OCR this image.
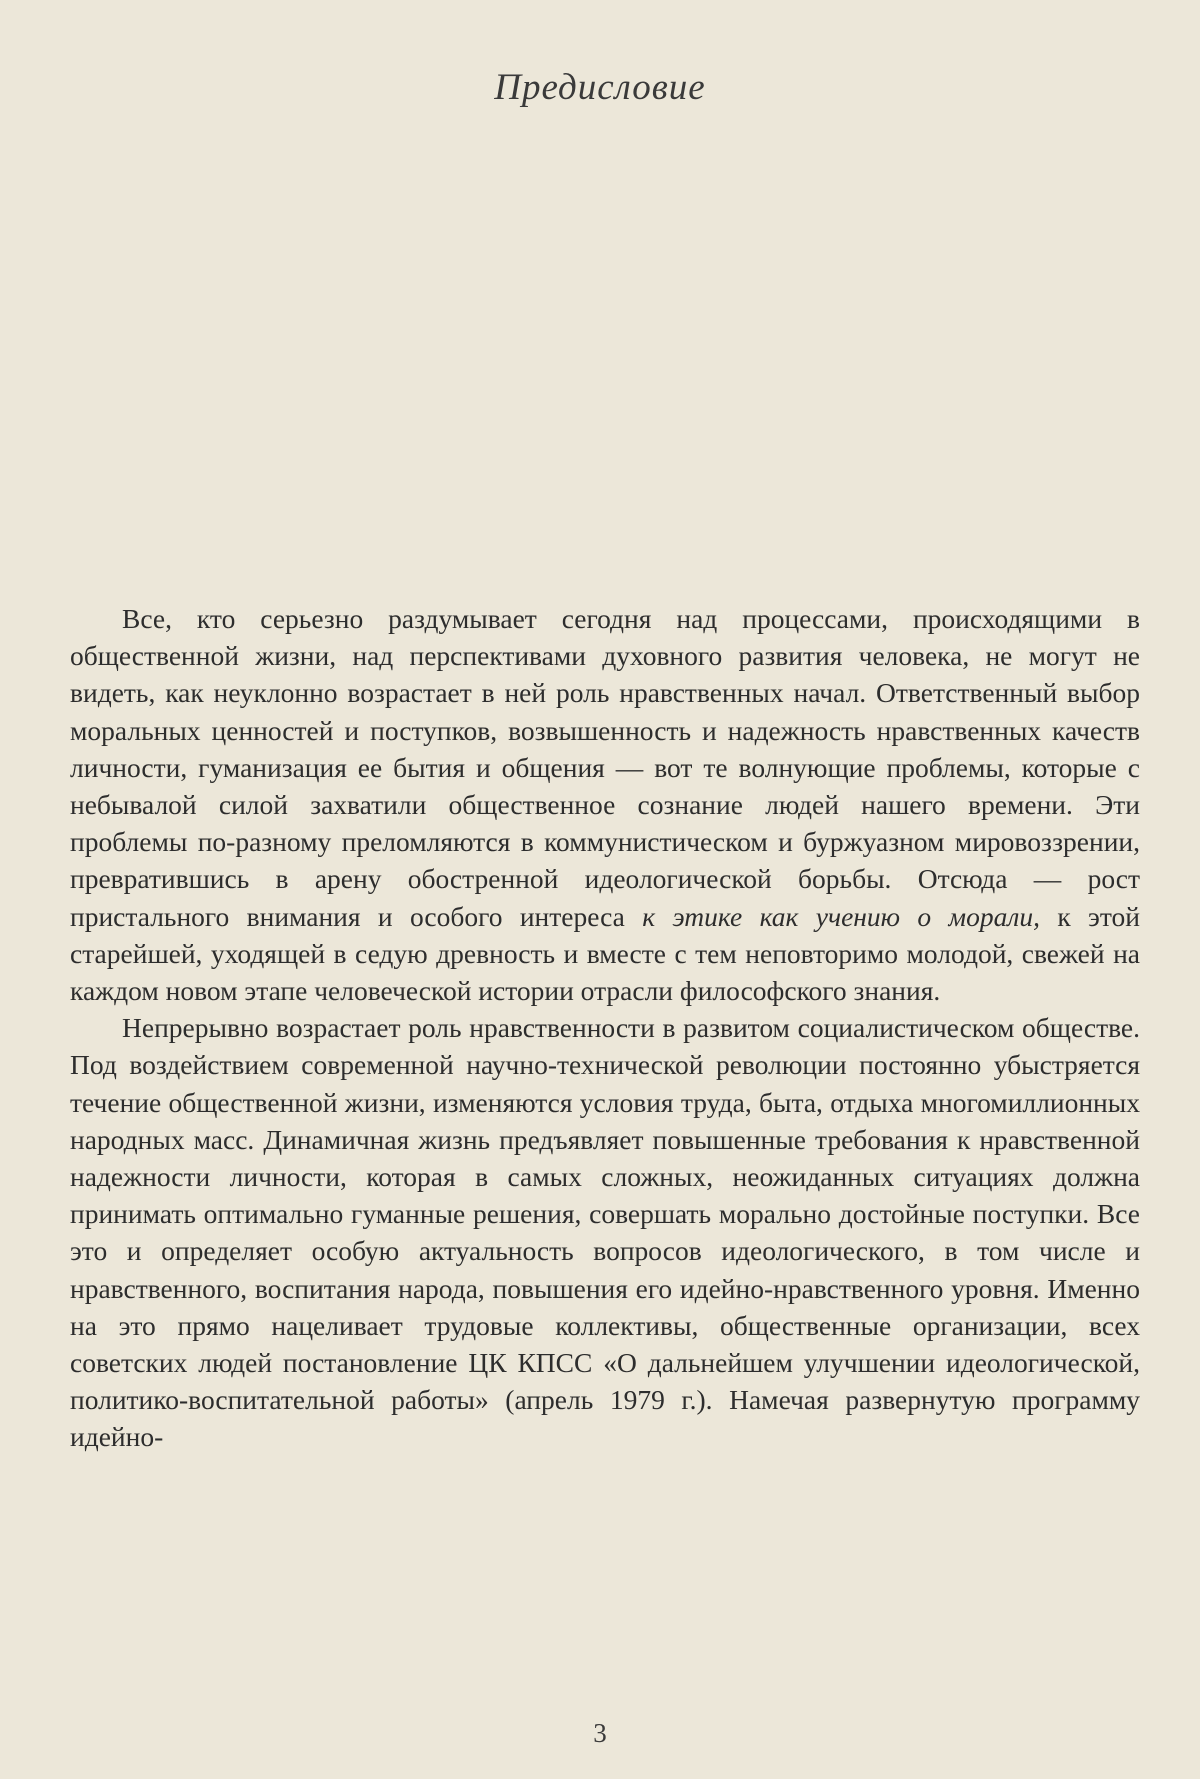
Предисловие

Все, кто серьезно раздумывает сегодня над процессами, происходящими в общественной жизни, над перспективами духовного развития человека, не могут не видеть, как неуклонно возрастает в ней роль нравственных начал. Ответственный выбор моральных ценностей и поступков, возвышенность и надежность нравственных качеств личности, гуманизация ее бытия и общения — вот те волнующие проблемы, которые с небывалой силой захватили общественное сознание людей нашего времени. Эти проблемы по-разному преломляются в коммунистическом и буржуазном мировоззрении, превратившись в арену обостренной идеологической борьбы. Отсюда — рост пристального внимания и особого интереса к этике как учению о морали, к этой старейшей, уходящей в седую древность и вместе с тем неповторимо молодой, свежей на каждом новом этапе человеческой истории отрасли философского знания.

Непрерывно возрастает роль нравственности в развитом социалистическом обществе. Под воздействием современной научно-технической революции постоянно убыстряется течение общественной жизни, изменяются условия труда, быта, отдыха многомиллионных народных масс. Динамичная жизнь предъявляет повышенные требования к нравственной надежности личности, которая в самых сложных, неожиданных ситуациях должна принимать оптимально гуманные решения, совершать морально достойные поступки. Все это и определяет особую актуальность вопросов идеологического, в том числе и нравственного, воспитания народа, повышения его идейно-нравственного уровня. Именно на это прямо нацеливает трудовые коллективы, общественные организации, всех советских людей постановление ЦК КПСС «О дальнейшем улучшении идеологической, политико-воспитательной работы» (апрель 1979 г.). Намечая развернутую программу идейно-

3
